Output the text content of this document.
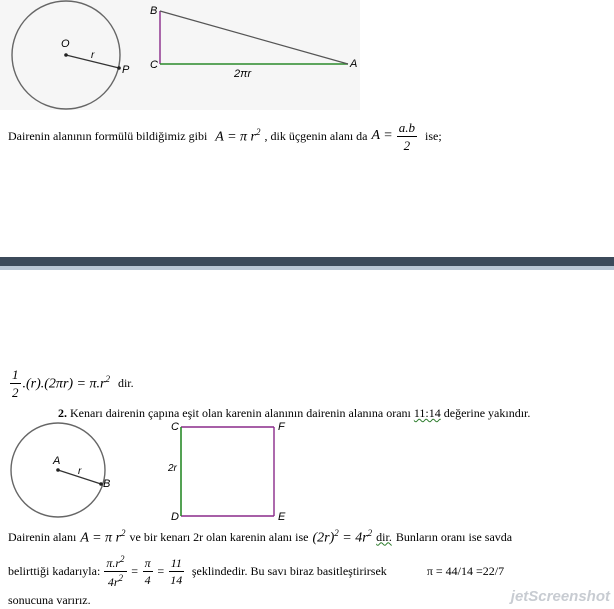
O
r
P
B
C	A
2πr
Dairenin alanının formülü bildiğimiz gibi A = π $r^2$ , dik üçgenin alanı da $A = \frac{a.b}{2}$ ise;
$\frac{1}{2} .(r).(2\pi r) = \pi.r^2$ dir.
2. Kenarı dairenin çapına eşit olan karenin alanının dairenin alanına oranı 11:14 değerine yakındır.
A
r
B
C	F
D	E
2r
Dairenin alanı A = π $r^2$ ve bir kenarı 2r olan karenin alanı ise $(2r)^2 = 4r^2$ dir. Bunların oranı ise savda
belirttiği kadarıyla: $\frac{\pi.r^2}{4r^2} = \frac{\pi}{4} = \frac{11}{14}$ şeklindedir. Bu savı biraz basitleştirirsek	π = 44/14 =22/7
sonucuna varırız.	jetScreenshot
